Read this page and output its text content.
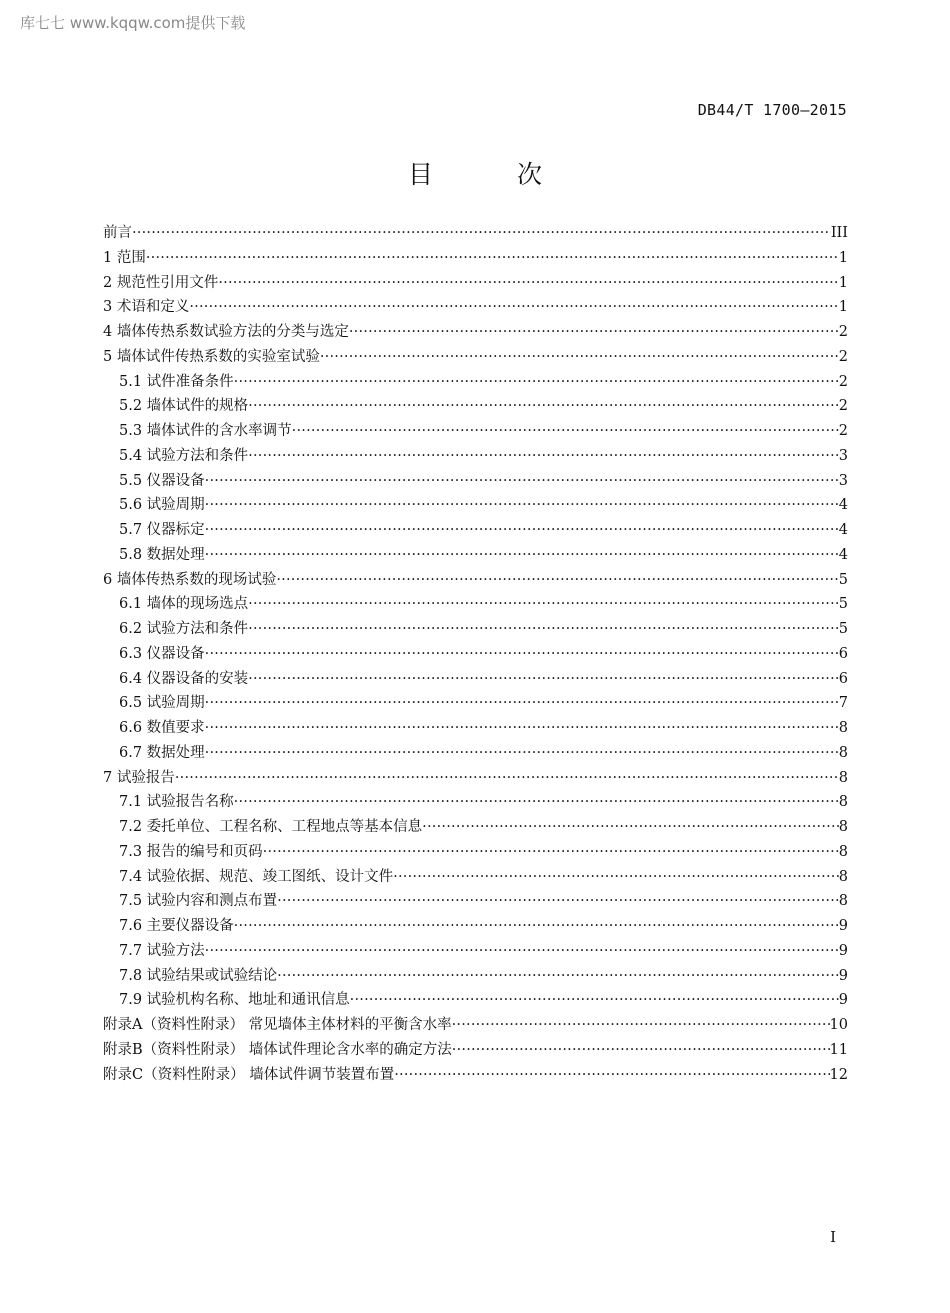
库七七 www.kqqw.com提供下载
DB44/T 1700—2015
目 次
前言 ·····	III
1 范围 ·····	1
2 规范性引用文件 ·····	1
3 术语和定义 ·····	1
4 墙体传热系数试验方法的分类与选定 ·····	2
5 墙体试件传热系数的实验室试验 ·····	2
5.1 试件准备条件 ·····	2
5.2 墙体试件的规格 ·····	2
5.3 墙体试件的含水率调节 ·····	2
5.4 试验方法和条件 ·····	3
5.5 仪器设备 ·····	3
5.6 试验周期 ·····	4
5.7 仪器标定 ·····	4
5.8 数据处理 ·····	4
6 墙体传热系数的现场试验 ·····	5
6.1 墙体的现场选点 ·····	5
6.2 试验方法和条件 ·····	5
6.3 仪器设备 ·····	6
6.4 仪器设备的安装 ·····	6
6.5 试验周期 ·····	7
6.6 数值要求 ·····	8
6.7 数据处理 ·····	8
7 试验报告 ·····	8
7.1 试验报告名称 ·····	8
7.2 委托单位、工程名称、工程地点等基本信息 ·····	8
7.3 报告的编号和页码 ·····	8
7.4 试验依据、规范、竣工图纸、设计文件 ·····	8
7.5 试验内容和测点布置 ·····	8
7.6 主要仪器设备 ·····	9
7.7 试验方法 ·····	9
7.8 试验结果或试验结论 ·····	9
7.9 试验机构名称、地址和通讯信息 ·····	9
附录A（资料性附录） 常见墙体主体材料的平衡含水率 ·····	10
附录B（资料性附录） 墙体试件理论含水率的确定方法 ·····	11
附录C（资料性附录） 墙体试件调节装置布置 ·····	12
I
